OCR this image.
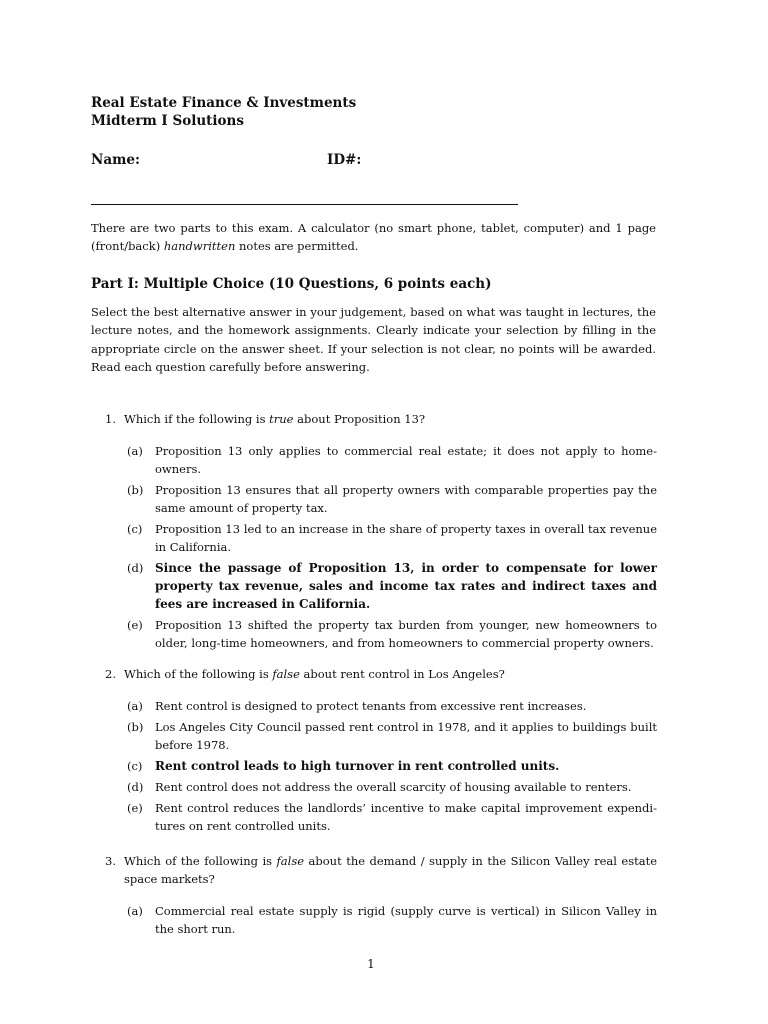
Real Estate Finance & Investments
Midterm I Solutions
Name:	ID#:
There are two parts to this exam. A calculator (no smart phone, tablet, computer) and 1 page (front/back) handwritten notes are permitted.
Part I: Multiple Choice (10 Questions, 6 points each)
Select the best alternative answer in your judgement, based on what was taught in lectures, the lecture notes, and the homework assignments. Clearly indicate your selection by filling in the appropriate circle on the answer sheet. If your selection is not clear, no points will be awarded. Read each question carefully before answering.
1. Which if the following is true about Proposition 13?
(a) Proposition 13 only applies to commercial real estate; it does not apply to home-owners.
(b) Proposition 13 ensures that all property owners with comparable properties pay the same amount of property tax.
(c) Proposition 13 led to an increase in the share of property taxes in overall tax revenue in California.
(d) Since the passage of Proposition 13, in order to compensate for lower property tax revenue, sales and income tax rates and indirect taxes and fees are increased in California.
(e) Proposition 13 shifted the property tax burden from younger, new homeowners to older, long-time homeowners, and from homeowners to commercial property owners.
2. Which of the following is false about rent control in Los Angeles?
(a) Rent control is designed to protect tenants from excessive rent increases.
(b) Los Angeles City Council passed rent control in 1978, and it applies to buildings built before 1978.
(c) Rent control leads to high turnover in rent controlled units.
(d) Rent control does not address the overall scarcity of housing available to renters.
(e) Rent control reduces the landlords’ incentive to make capital improvement expendi-tures on rent controlled units.
3. Which of the following is false about the demand / supply in the Silicon Valley real estate space markets?
(a) Commercial real estate supply is rigid (supply curve is vertical) in Silicon Valley in the short run.
1
